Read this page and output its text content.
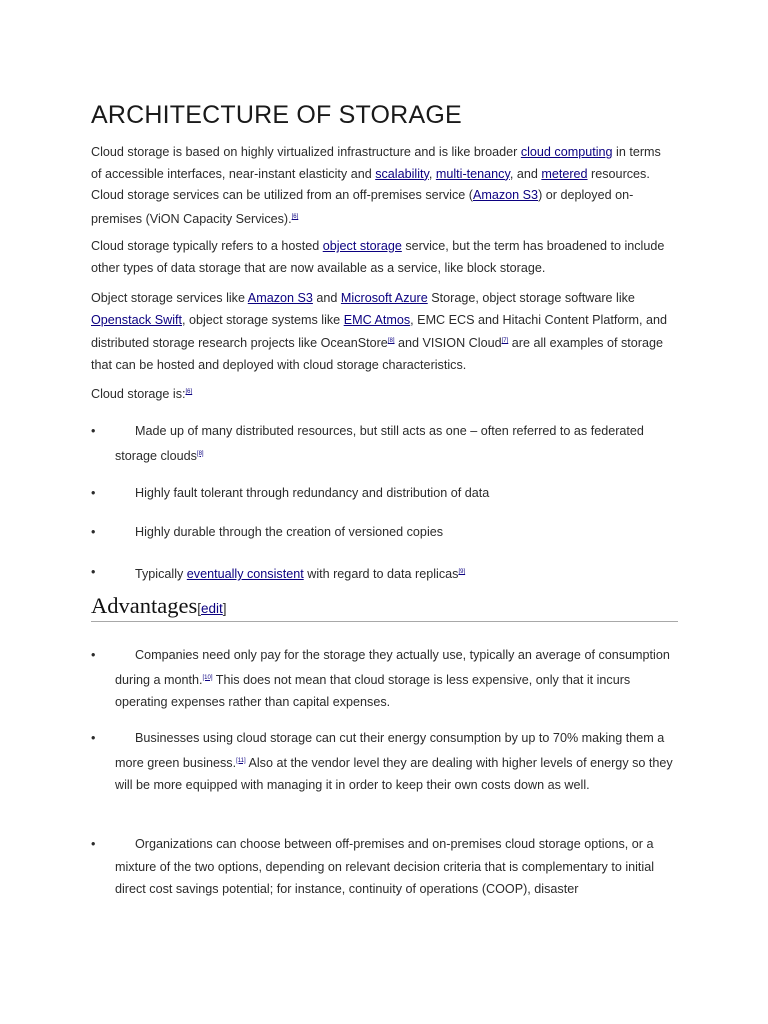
ARCHITECTURE OF STORAGE

Cloud storage is based on highly virtualized infrastructure and is like broader cloud computing in terms of accessible interfaces, near-instant elasticity and scalability, multi-tenancy, and metered resources. Cloud storage services can be utilized from an off-premises service (Amazon S3) or deployed on-premises (ViON Capacity Services).[6]

Cloud storage typically refers to a hosted object storage service, but the term has broadened to include other types of data storage that are now available as a service, like block storage.

Object storage services like Amazon S3 and Microsoft Azure Storage, object storage software like Openstack Swift, object storage systems like EMC Atmos, EMC ECS and Hitachi Content Platform, and distributed storage research projects like OceanStore[8] and VISION Cloud[7] are all examples of storage that can be hosted and deployed with cloud storage characteristics.

Cloud storage is:[6]

•	Made up of many distributed resources, but still acts as one – often referred to as federated storage clouds[8]
•	Highly fault tolerant through redundancy and distribution of data
•	Highly durable through the creation of versioned copies
•	Typically eventually consistent with regard to data replicas[9]
Advantages[edit]
•	Companies need only pay for the storage they actually use, typically an average of consumption during a month.[10] This does not mean that cloud storage is less expensive, only that it incurs operating expenses rather than capital expenses.
•	Businesses using cloud storage can cut their energy consumption by up to 70% making them a more green business.[11] Also at the vendor level they are dealing with higher levels of energy so they will be more equipped with managing it in order to keep their own costs down as well.
•	Organizations can choose between off-premises and on-premises cloud storage options, or a mixture of the two options, depending on relevant decision criteria that is complementary to initial direct cost savings potential; for instance, continuity of operations (COOP), disaster
